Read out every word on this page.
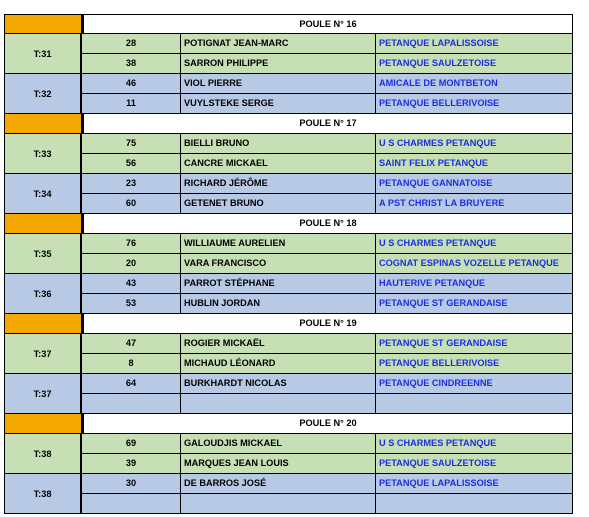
POULE N° 16
T:31
28	POTIGNAT JEAN-MARC	PETANQUE LAPALISSOISE
38	SARRON PHILIPPE	PETANQUE SAULZETOISE
T:32
46	VIOL PIERRE	AMICALE DE MONTBETON
11	VUYLSTEKE SERGE	PETANQUE BELLERIVOISE
POULE N° 17
T:33
75	BIELLI BRUNO	U S CHARMES PETANQUE
56	CANCRE MICKAEL	SAINT FELIX PETANQUE
T:34
23	RICHARD JÉRÔME	PETANQUE GANNATOISE
60	GETENET BRUNO	A PST CHRIST LA BRUYERE
POULE N° 18
T:35
76	WILLIAUME AURELIEN	U S CHARMES PETANQUE
20	VARA FRANCISCO	COGNAT ESPINAS VOZELLE PETANQUE
T:36
43	PARROT STÉPHANE	HAUTERIVE PETANQUE
53	HUBLIN JORDAN	PETANQUE ST GERANDAISE
POULE N° 19
T:37
47	ROGIER MICKAËL	PETANQUE ST GERANDAISE
8	MICHAUD LÉONARD	PETANQUE BELLERIVOISE
T:37
64	BURKHARDT NICOLAS	PETANQUE CINDREENNE
POULE N° 20
T:38
69	GALOUDJIS MICKAEL	U S CHARMES PETANQUE
39	MARQUES JEAN LOUIS	PETANQUE SAULZETOISE
T:38
30	DE BARROS JOSÉ	PETANQUE LAPALISSOISE
